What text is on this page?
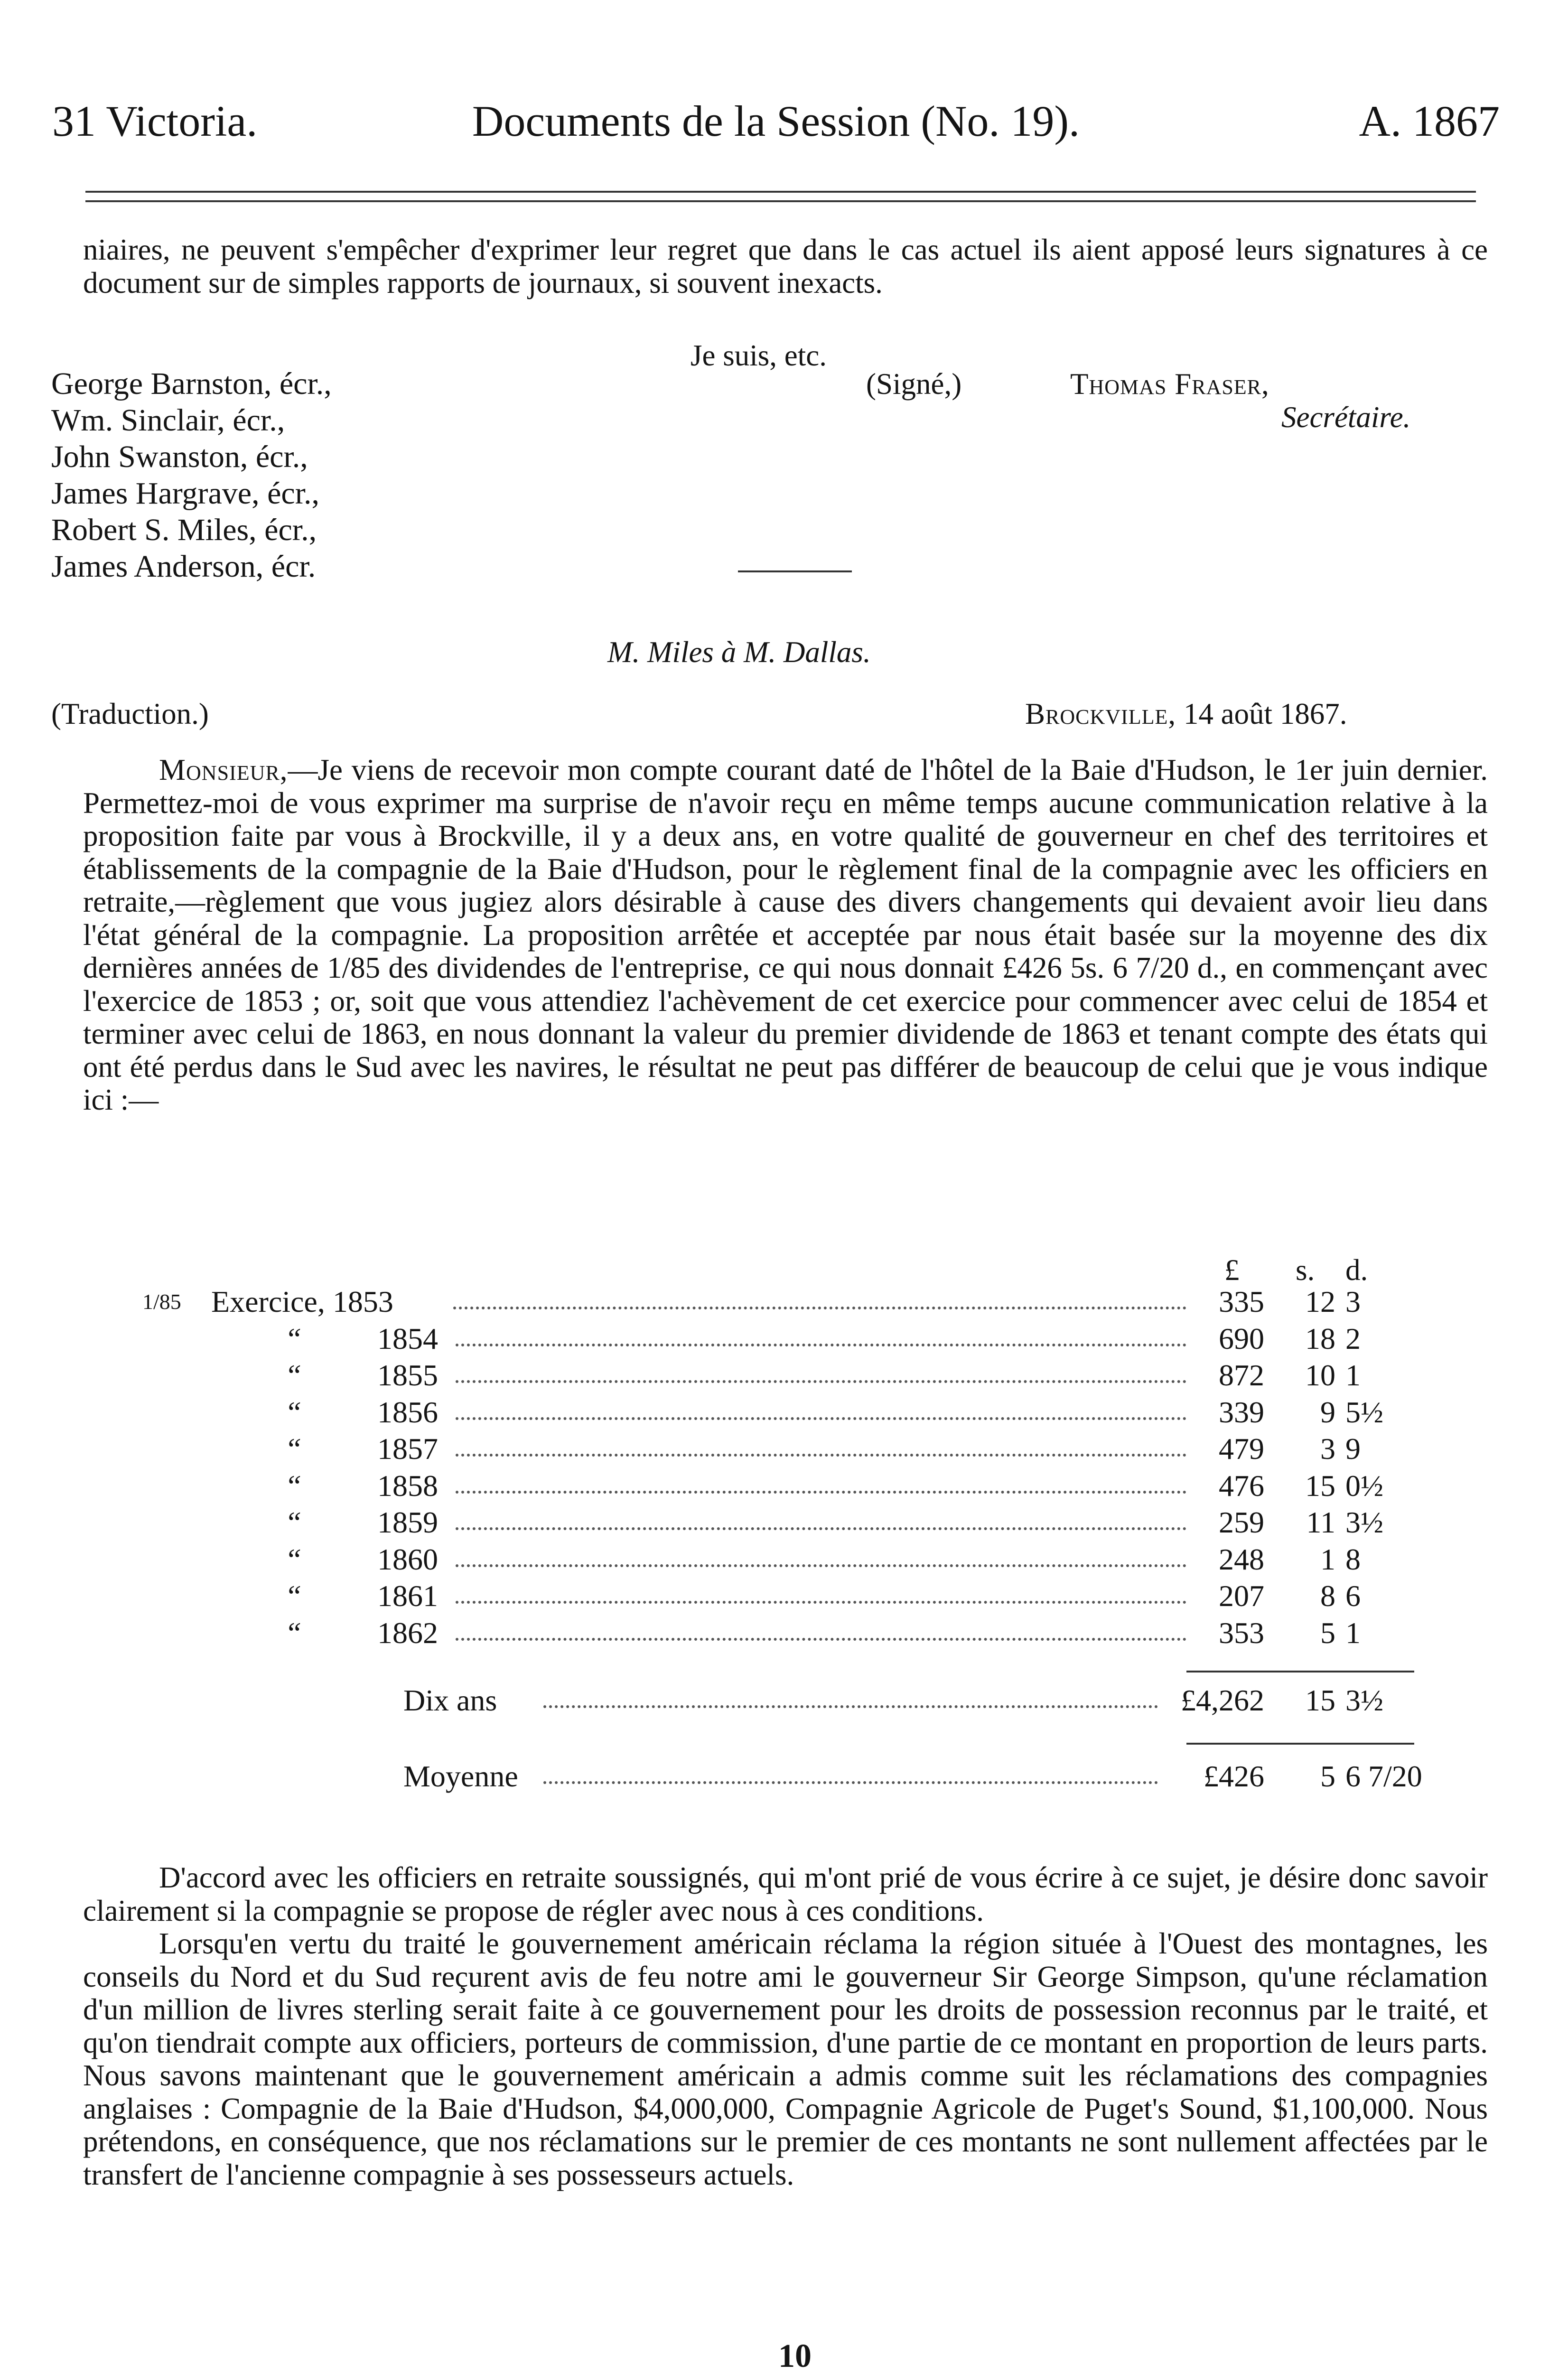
31 Victoria.	Documents de la Session (No. 19).	A. 1867
niaires, ne peuvent s'empêcher d'exprimer leur regret que dans le cas actuel ils aient apposé leurs signatures à ce document sur de simples rapports de journaux, si souvent inexacts.
Je suis, etc.
(Signé,)	Thomas Fraser,
Secrétaire.
George Barnston, écr.,
Wm. Sinclair, écr.,
John Swanston, écr.,
James Hargrave, écr.,
Robert S. Miles, écr.,
James Anderson, écr.
M. Miles à M. Dallas.
(Traduction.)	Brockville, 14 août 1867.

Monsieur,—Je viens de recevoir mon compte courant daté de l'hôtel de la Baie d'Hudson, le 1er juin dernier. Permettez-moi de vous exprimer ma surprise de n'avoir reçu en même temps aucune communication relative à la proposition faite par vous à Brockville, il y a deux ans, en votre qualité de gouverneur en chef des territoires et établissements de la compagnie de la Baie d'Hudson, pour le règlement final de la compagnie avec les officiers en retraite,—règlement que vous jugiez alors désirable à cause des divers changements qui devaient avoir lieu dans l'état général de la compagnie. La proposition arrêtée et acceptée par nous était basée sur la moyenne des dix dernières années de 1/85 des dividendes de l'entreprise, ce qui nous donnait £426 5s. 6 7/20 d., en commençant avec l'exercice de 1853 ; or, soit que vous attendiez l'achèvement de cet exercice pour commencer avec celui de 1854 et terminer avec celui de 1863, en nous donnant la valeur du premier dividende de 1863 et tenant compte des états qui ont été perdus dans le Sud avec les navires, le résultat ne peut pas différer de beaucoup de celui que je vous indique ici :—

£ s. d.
1/85 Exercice, 1853	335 12 3
“ 1854	690 18 2
“ 1855	872 10 1
“ 1856	339 9 5½
“ 1857	479 3 9
“ 1858	476 15 0½
“ 1859	259 11 3½
“ 1860	248 1 8
“ 1861	207 8 6
“ 1862	353 5 1
Dix ans	£4,262 15 3½
Moyenne	£426 5 6 7/20

D'accord avec les officiers en retraite soussignés, qui m'ont prié de vous écrire à ce sujet, je désire donc savoir clairement si la compagnie se propose de régler avec nous à ces conditions.

Lorsqu'en vertu du traité le gouvernement américain réclama la région située à l'Ouest des montagnes, les conseils du Nord et du Sud reçurent avis de feu notre ami le gouverneur Sir George Simpson, qu'une réclamation d'un million de livres sterling serait faite à ce gouvernement pour les droits de possession reconnus par le traité, et qu'on tiendrait compte aux officiers, porteurs de commission, d'une partie de ce montant en proportion de leurs parts. Nous savons maintenant que le gouvernement américain a admis comme suit les réclamations des compagnies anglaises : Compagnie de la Baie d'Hudson, $4,000,000, Compagnie Agricole de Puget's Sound, $1,100,000. Nous prétendons, en conséquence, que nos réclamations sur le premier de ces montants ne sont nullement affectées par le transfert de l'ancienne compagnie à ses possesseurs actuels.

10
